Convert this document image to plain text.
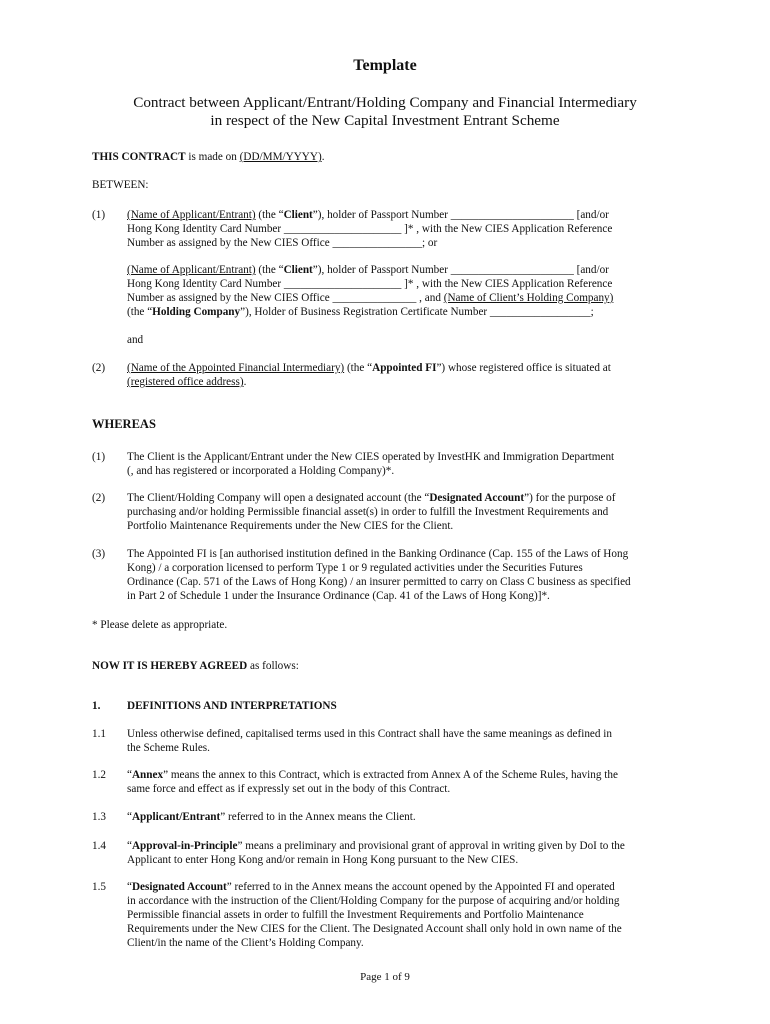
Template
Contract between Applicant/Entrant/Holding Company and Financial Intermediary
in respect of the New Capital Investment Entrant Scheme
THIS CONTRACT is made on (DD/MM/YYYY).
BETWEEN:
(1)	(Name of Applicant/Entrant) (the “Client”), holder of Passport Number ______________________ [and/or
Hong Kong Identity Card Number _____________________ ]* , with the New CIES Application Reference
Number as assigned by the New CIES Office ________________; or
(Name of Applicant/Entrant) (the “Client”), holder of Passport Number ______________________ [and/or
Hong Kong Identity Card Number _____________________ ]* , with the New CIES Application Reference
Number as assigned by the New CIES Office _______________ , and (Name of Client’s Holding Company)
(the “Holding Company”), Holder of Business Registration Certificate Number __________________;
and
(2)	(Name of the Appointed Financial Intermediary) (the “Appointed FI”) whose registered office is situated at
(registered office address).
WHEREAS
(1)	The Client is the Applicant/Entrant under the New CIES operated by InvestHK and Immigration Department
(, and has registered or incorporated a Holding Company)*.
(2)	The Client/Holding Company will open a designated account (the “Designated Account”) for the purpose of
purchasing and/or holding Permissible financial asset(s) in order to fulfill the Investment Requirements and
Portfolio Maintenance Requirements under the New CIES for the Client.
(3)	The Appointed FI is [an authorised institution defined in the Banking Ordinance (Cap. 155 of the Laws of Hong
Kong) / a corporation licensed to perform Type 1 or 9 regulated activities under the Securities Futures
Ordinance (Cap. 571 of the Laws of Hong Kong) / an insurer permitted to carry on Class C business as specified
in Part 2 of Schedule 1 under the Insurance Ordinance (Cap. 41 of the Laws of Hong Kong)]*.
* Please delete as appropriate.
NOW IT IS HEREBY AGREED as follows:
1.	DEFINITIONS AND INTERPRETATIONS
1.1	Unless otherwise defined, capitalised terms used in this Contract shall have the same meanings as defined in
the Scheme Rules.
1.2	“Annex” means the annex to this Contract, which is extracted from Annex A of the Scheme Rules, having the
same force and effect as if expressly set out in the body of this Contract.
1.3	“Applicant/Entrant” referred to in the Annex means the Client.
1.4	“Approval-in-Principle” means a preliminary and provisional grant of approval in writing given by DoI to the
Applicant to enter Hong Kong and/or remain in Hong Kong pursuant to the New CIES.
1.5	“Designated Account” referred to in the Annex means the account opened by the Appointed FI and operated
in accordance with the instruction of the Client/Holding Company for the purpose of acquiring and/or holding
Permissible financial assets in order to fulfill the Investment Requirements and Portfolio Maintenance
Requirements under the New CIES for the Client. The Designated Account shall only hold in own name of the
Client/in the name of the Client’s Holding Company.
Page 1 of 9
